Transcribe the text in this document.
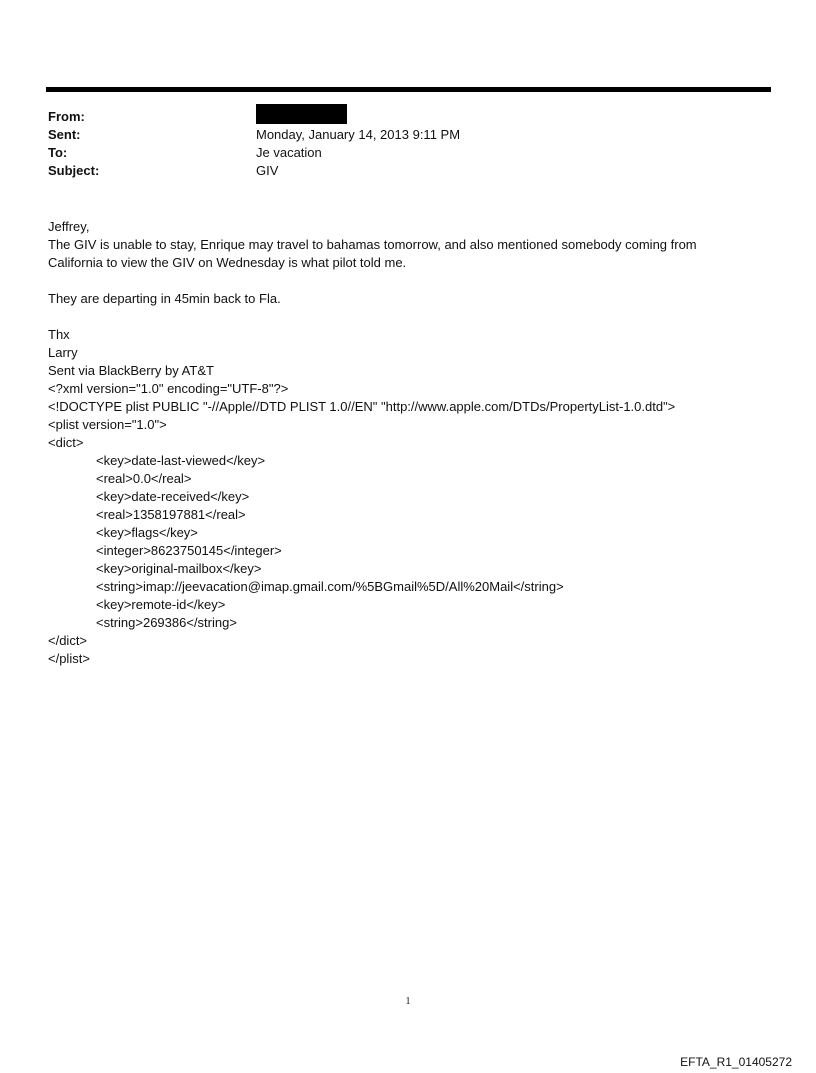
From:
Sent:	Monday, January 14, 2013 9:11 PM
To:	Je vacation
Subject:	GIV

Jeffrey,

The GIV is unable to stay, Enrique may travel to bahamas tomorrow, and also mentioned somebody coming from

California to view the GIV on Wednesday is what pilot told me.

They are departing in 45min back to Fla.

Thx

Larry

Sent via BlackBerry by AT&T

<?xml version="1.0" encoding="UTF-8"?>

<!DOCTYPE plist PUBLIC "-//Apple//DTD PLIST 1.0//EN" "http://www.apple.com/DTDs/PropertyList-1.0.dtd">

<plist version="1.0">

<dict>

<key>date-last-viewed</key>

<real>0.0</real>

<key>date-received</key>

<real>1358197881</real>

<key>flags</key>

<integer>8623750145</integer>

<key>original-mailbox</key>

<string>imap://jeevacation@imap.gmail.com/%5BGmail%5D/All%20Mail</string>

<key>remote-id</key>

<string>269386</string>

</dict>

</plist>

1
EFTA_R1_01405272
